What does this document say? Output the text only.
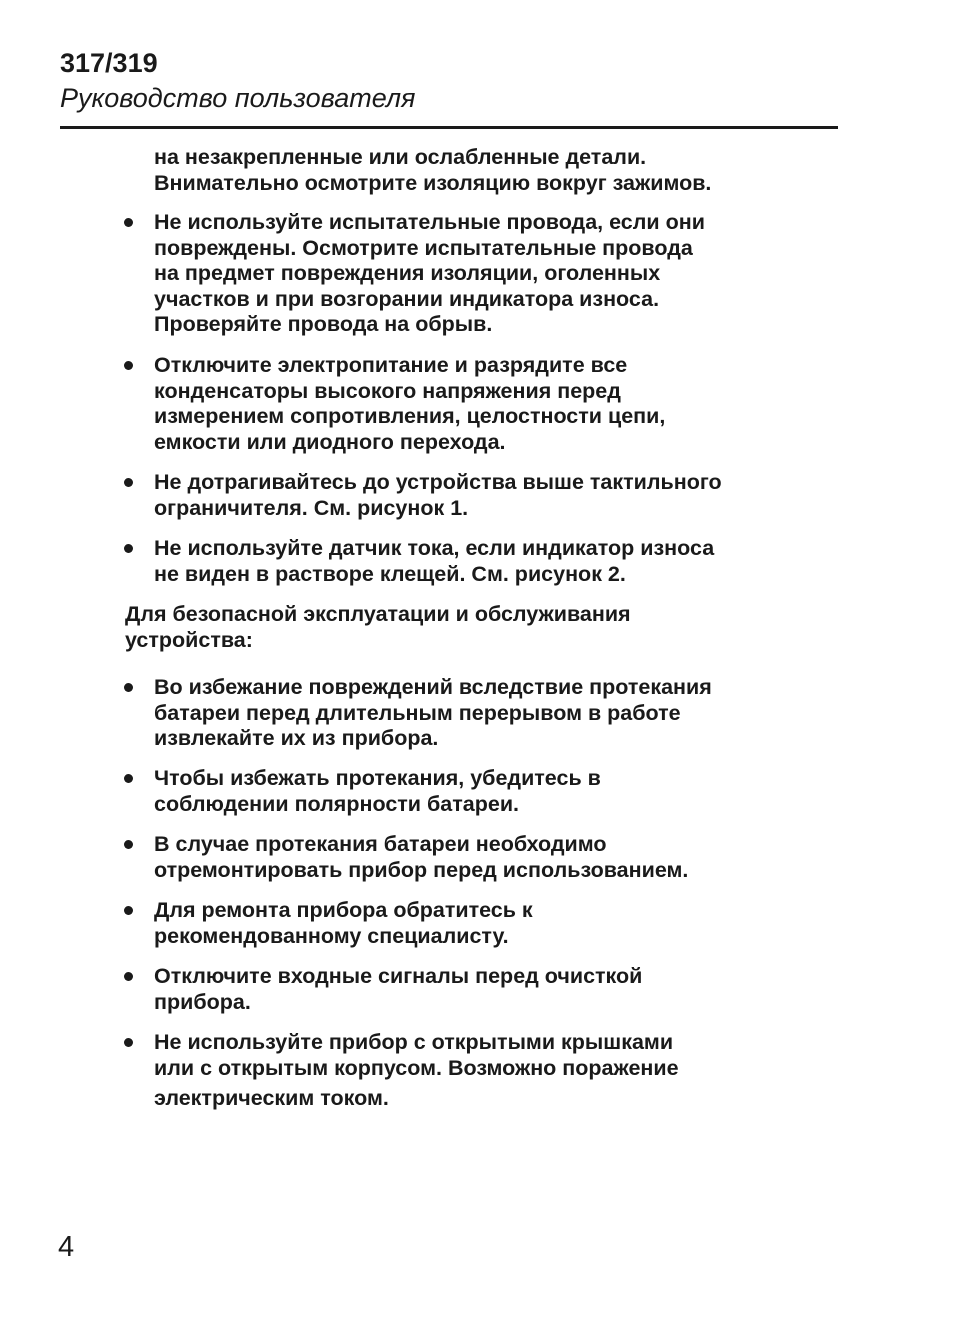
317/319
Руководство пользователя
на незакрепленные или ослабленные детали.
Внимательно осмотрите изоляцию вокруг зажимов.
Не используйте испытательные провода, если они
повреждены. Осмотрите испытательные провода
на предмет повреждения изоляции, оголенных
участков и при возгорании индикатора износа.
Проверяйте провода на обрыв.
Отключите электропитание и разрядите все
конденсаторы высокого напряжения перед
измерением сопротивления, целостности цепи,
емкости или диодного перехода.
Не дотрагивайтесь до устройства выше тактильного
ограничителя. См. рисунок 1.
Не используйте датчик тока, если индикатор износа
не виден в растворе клещей. См. рисунок 2.
Для безопасной эксплуатации и обслуживания
устройства:
Во избежание повреждений вследствие протекания
батареи перед длительным перерывом в работе
извлекайте их из прибора.
Чтобы избежать протекания, убедитесь в
соблюдении полярности батареи.
В случае протекания батареи необходимо
отремонтировать прибор перед использованием.
Для ремонта прибора обратитесь к
рекомендованному специалисту.
Отключите входные сигналы перед очисткой
прибора.
Не используйте прибор с открытыми крышками
или с открытым корпусом. Возможно поражение
электрическим током.
4
